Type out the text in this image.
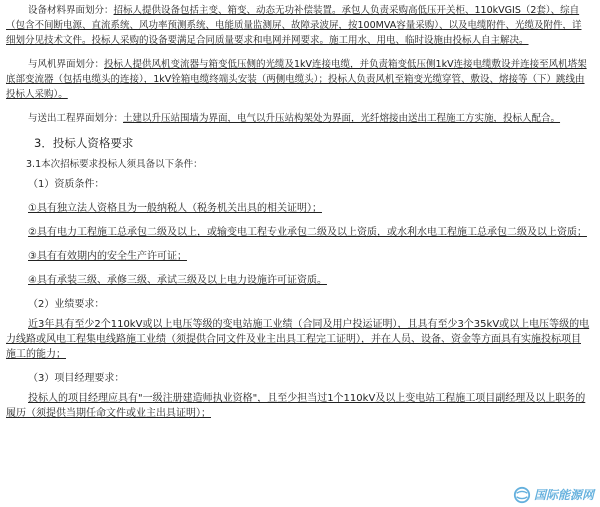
设备材料界面划分：招标人提供设备包括主变、箱变、动态无功补偿装置。承包人负责采购高低压开关柜、110kVGIS（2套）、综自（包含不间断电源、直流系统、风功率预测系统、电能质量监测屏、故障录波屏，按100MVA容量采购）、以及电缆附件、光缆及附件，详细划分见技术文件。投标人采购的设备要满足合同质量要求和电网并网要求。施工用水、用电、临时设施由投标人自主解决。

与风机界面划分：投标人提供风机变流器与箱变低压侧的光缆及1kV连接电缆，并负责箱变低压侧1kV连接电缆敷设并连接至风机塔架底部变流器（包括电缆头的连接），1kV铨箱电缆终端头安装（两侧电缆头）；投标人负责风机至箱变光缆穿管、敷设、熔接等（下）跳线由投标人采购）。

与送出工程界面划分：土建以升压站围墙为界面，电气以升压站构架处为界面，光纤熔接由送出工程施工方实施，投标人配合。

3．投标人资格要求

3.1本次招标要求投标人须具备以下条件：

（1）资质条件：

①具有独立法人资格且为一般纳税人（税务机关出具的相关证明）；

②具有电力工程施工总承包二级及以上，或输变电工程专业承包二级及以上资质，或水利水电工程施工总承包二级及以上资质；

③具有有效期内的安全生产许可证；

④具有承装三级、承修三级、承试三级及以上电力设施许可证资质。

（2）业绩要求：

近3年具有至少2个110kV或以上电压等级的变电站施工业绩（合同及用户投运证明），且具有至少3个35kV或以上电压等级的电力线路或风电工程集电线路施工业绩（须提供合同文件及业主出具工程完工证明），并在人员、设备、资金等方面具有实施投标项目施工的能力；

（3）项目经理要求：

投标人的项目经理应具有"一级注册建造师执业资格"，且至少担当过1个110kV及以上变电站工程施工项目副经理及以上职务的履历（须提供当期任命文件或业主出具证明）；

国际能源网
